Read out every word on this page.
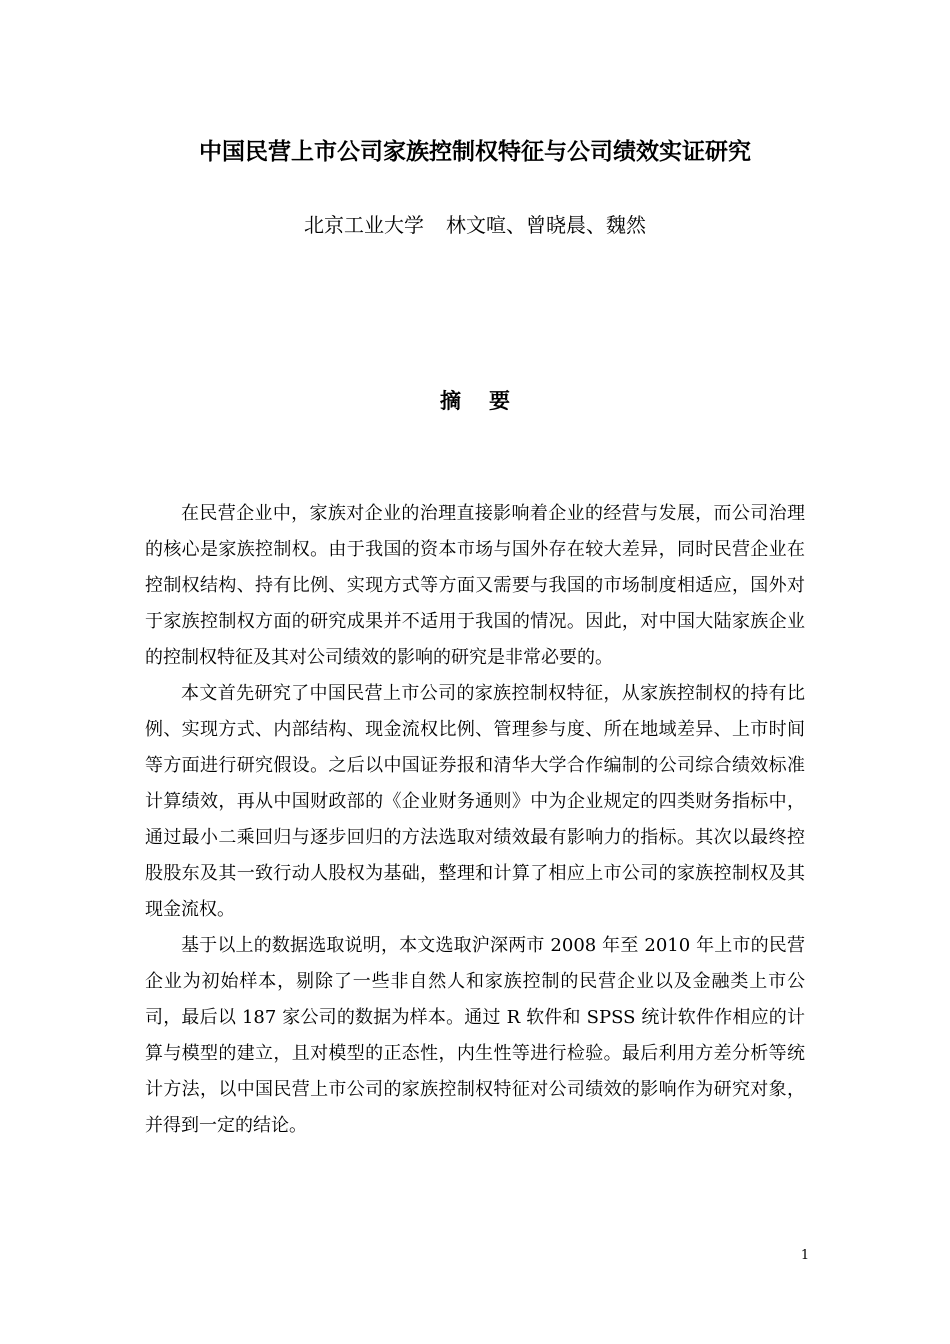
中国民营上市公司家族控制权特征与公司绩效实证研究
北京工业大学 林文喧、曾晓晨、魏然
摘要

在民营企业中，家族对企业的治理直接影响着企业的经营与发展，而公司治理的核心是家族控制权。由于我国的资本市场与国外存在较大差异，同时民营企业在控制权结构、持有比例、实现方式等方面又需要与我国的市场制度相适应，国外对于家族控制权方面的研究成果并不适用于我国的情况。因此，对中国大陆家族企业的控制权特征及其对公司绩效的影响的研究是非常必要的。

本文首先研究了中国民营上市公司的家族控制权特征，从家族控制权的持有比例、实现方式、内部结构、现金流权比例、管理参与度、所在地域差异、上市时间等方面进行研究假设。之后以中国证券报和清华大学合作编制的公司综合绩效标准计算绩效，再从中国财政部的《企业财务通则》中为企业规定的四类财务指标中，通过最小二乘回归与逐步回归的方法选取对绩效最有影响力的指标。其次以最终控股股东及其一致行动人股权为基础，整理和计算了相应上市公司的家族控制权及其现金流权。

基于以上的数据选取说明，本文选取沪深两市 2008 年至 2010 年上市的民营企业为初始样本，剔除了一些非自然人和家族控制的民营企业以及金融类上市公司，最后以 187 家公司的数据为样本。通过 R 软件和 SPSS 统计软件作相应的计算与模型的建立，且对模型的正态性，内生性等进行检验。最后利用方差分析等统计方法，以中国民营上市公司的家族控制权特征对公司绩效的影响作为研究对象，并得到一定的结论。

1
